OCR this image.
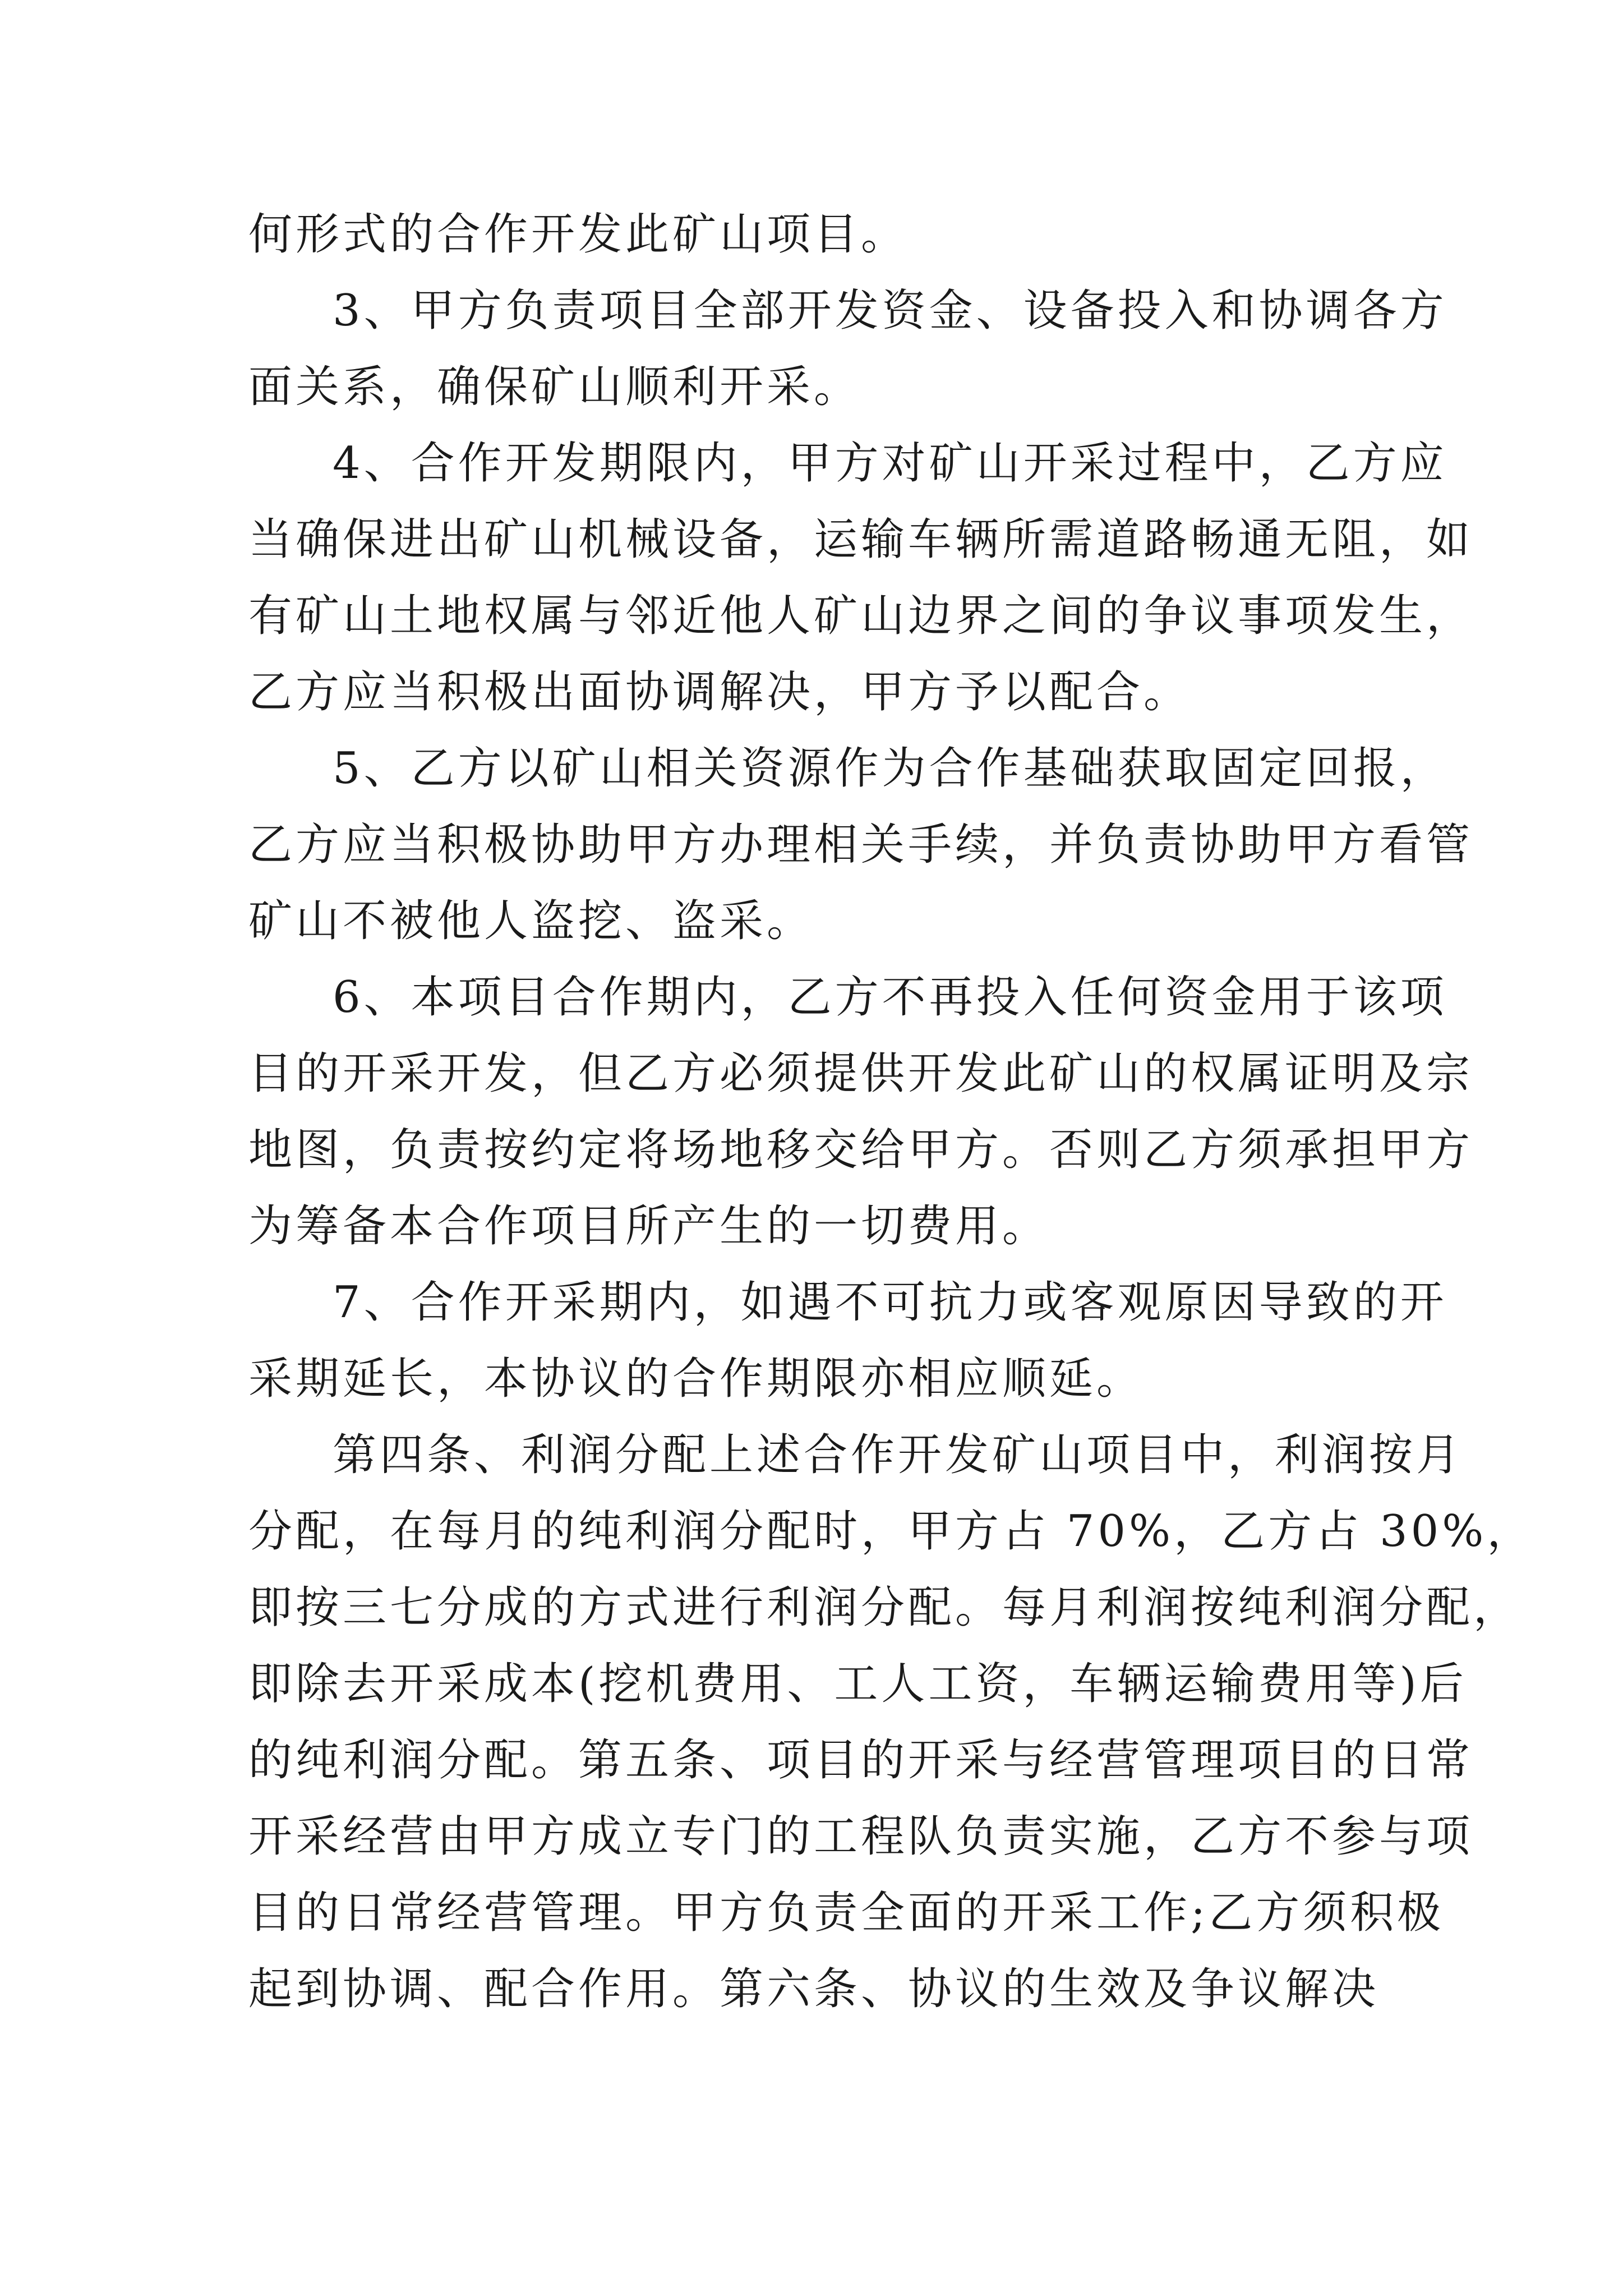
何形式的合作开发此矿山项目。
3、甲方负责项目全部开发资金、设备投入和协调各方
面关系，确保矿山顺利开采。
4、合作开发期限内，甲方对矿山开采过程中，乙方应
当确保进出矿山机械设备，运输车辆所需道路畅通无阻，如
有矿山土地权属与邻近他人矿山边界之间的争议事项发生，
乙方应当积极出面协调解决，甲方予以配合。
5、乙方以矿山相关资源作为合作基础获取固定回报，
乙方应当积极协助甲方办理相关手续，并负责协助甲方看管
矿山不被他人盗挖、盗采。
6、本项目合作期内，乙方不再投入任何资金用于该项
目的开采开发，但乙方必须提供开发此矿山的权属证明及宗
地图，负责按约定将场地移交给甲方。否则乙方须承担甲方
为筹备本合作项目所产生的一切费用。
7、合作开采期内，如遇不可抗力或客观原因导致的开
采期延长，本协议的合作期限亦相应顺延。
第四条、利润分配上述合作开发矿山项目中，利润按月
分配，在每月的纯利润分配时，甲方占 70%，乙方占 30%，
即按三七分成的方式进行利润分配。每月利润按纯利润分配，
即除去开采成本(挖机费用、工人工资，车辆运输费用等)后
的纯利润分配。第五条、项目的开采与经营管理项目的日常
开采经营由甲方成立专门的工程队负责实施，乙方不参与项
目的日常经营管理。甲方负责全面的开采工作;乙方须积极
起到协调、配合作用。第六条、协议的生效及争议解决
